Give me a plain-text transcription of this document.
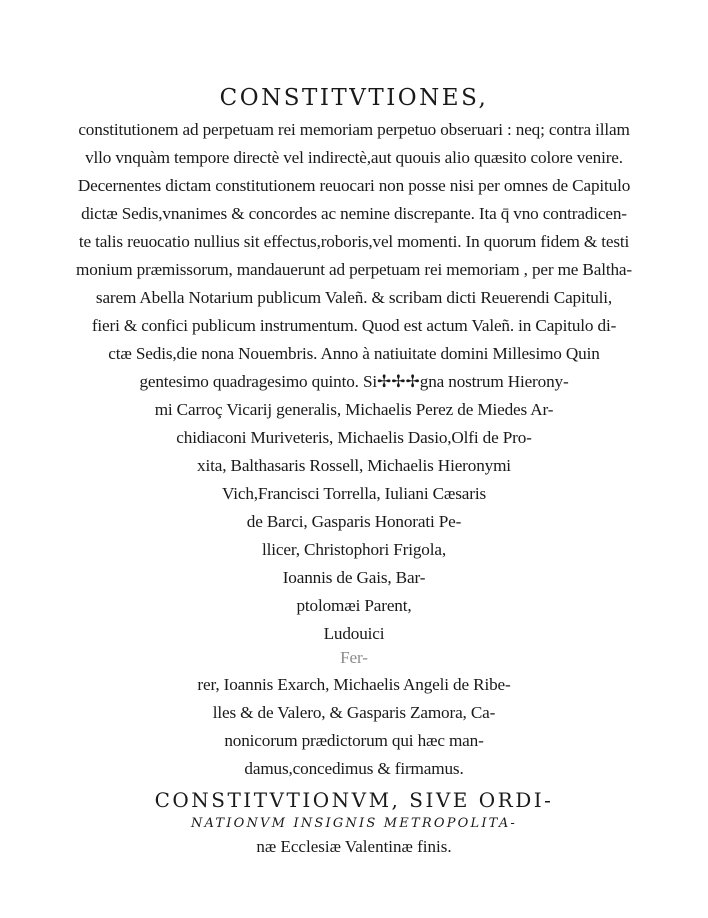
CONSTITVTIONES,
constitutionem ad perpetuam rei memoriam perpetuo obseruari : neq; contra illam
vllo vnquàm tempore directè vel indirectè,aut quouis alio quæsito colore venire.
Decernentes dictam constitutionem reuocari non posse nisi per omnes de Capitulo
dictæ Sedis,vnanimes & concordes ac nemine discrepante. Ita q̄ vno contradicen-
te talis reuocatio nullius sit effectus,roboris,vel momenti. In quorum fidem & testi
monium præmissorum, mandauerunt ad perpetuam rei memoriam , per me Baltha-
sarem Abella Notarium publicum Valeñ. & scribam dicti Reuerendi Capituli,
fieri & confici publicum instrumentum. Quod est actum Valeñ. in Capitulo di-
ctæ Sedis,die nona Nouembris. Anno à natiuitate domini Millesimo Quin
gentesimo quadragesimo quinto. Si✢✢✢gna nostrum Hierony-
mi Carroç Vicarij generalis, Michaelis Perez de Miedes Ar-
chidiaconi Muriveteris, Michaelis Dasio,Olfi de Pro-
xita, Balthasaris Rossell, Michaelis Hieronymi
Vich,Francisci Torrella, Iuliani Cæsaris
de Barci, Gasparis Honorati Pe-
llicer, Christophori Frigola,
Ioannis de Gais, Bar-
ptolomæi Parent,
Ludouici
Fer-
rer, Ioannis Exarch, Michaelis Angeli de Ribe-
lles & de Valero, & Gasparis Zamora, Ca-
nonicorum prædictorum qui hæc man-
damus,concedimus & firmamus.
CONSTITVTIONVM, SIVE ORDI-
NATIONVM INSIGNIS METROPOLITA-
næ Ecclesiæ Valentinæ finis.
